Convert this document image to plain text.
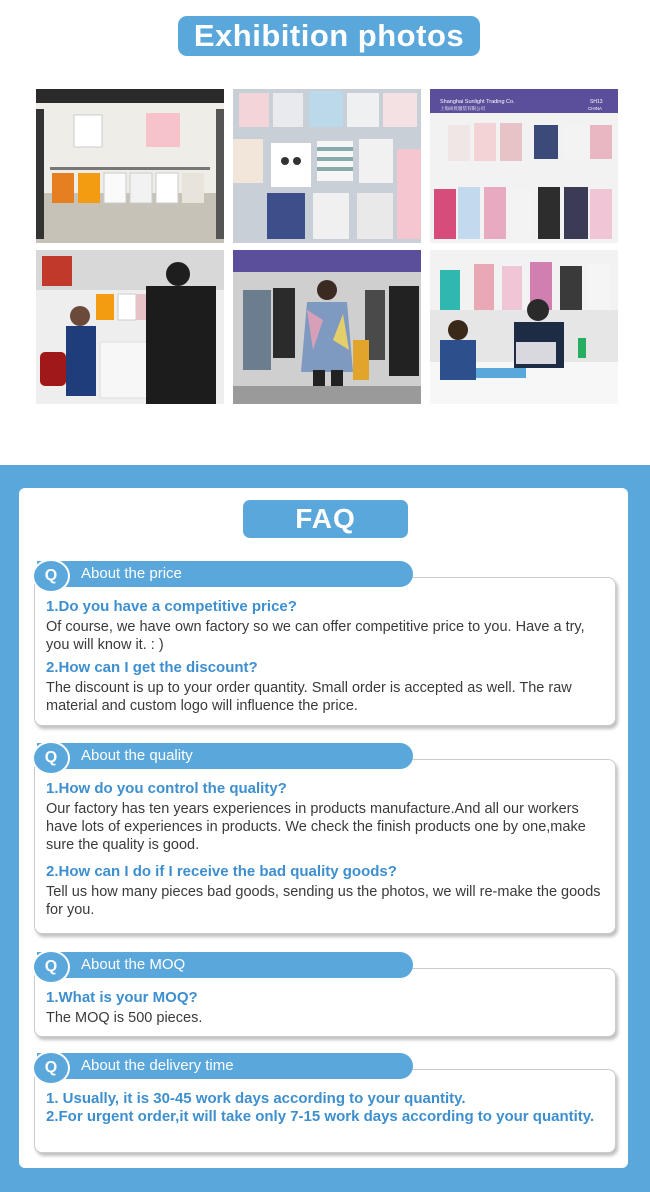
Exhibition photos
Shanghai Sunlight Trading Co.
上海尚优服装有限公司
SH13
CHINA
FAQ
1.Do you have a competitive price?
Of course, we have own factory so we can offer competitive price to you. Have a try, you will know it. : )
2.How can I get the discount?
The discount is up to your order quantity. Small order is accepted as well. The raw material and custom logo will influence the price.
About the price
Q
1.How do you control the quality?
Our factory has ten years experiences in products manufacture.And all our workers have lots of experiences in products. We check the finish products one by one,make sure the quality is good.
2.How can I do if I receive the bad quality goods?
Tell us how many pieces bad goods, sending us the photos, we will re-make the goods for you.
About the quality
Q
1.What is your MOQ?
The MOQ is 500 pieces.
About the MOQ
Q
1. Usually, it is 30-45 work days according to your quantity.
2.For urgent order,it will take only 7-15 work days according to your quantity.
About the delivery time
Q
